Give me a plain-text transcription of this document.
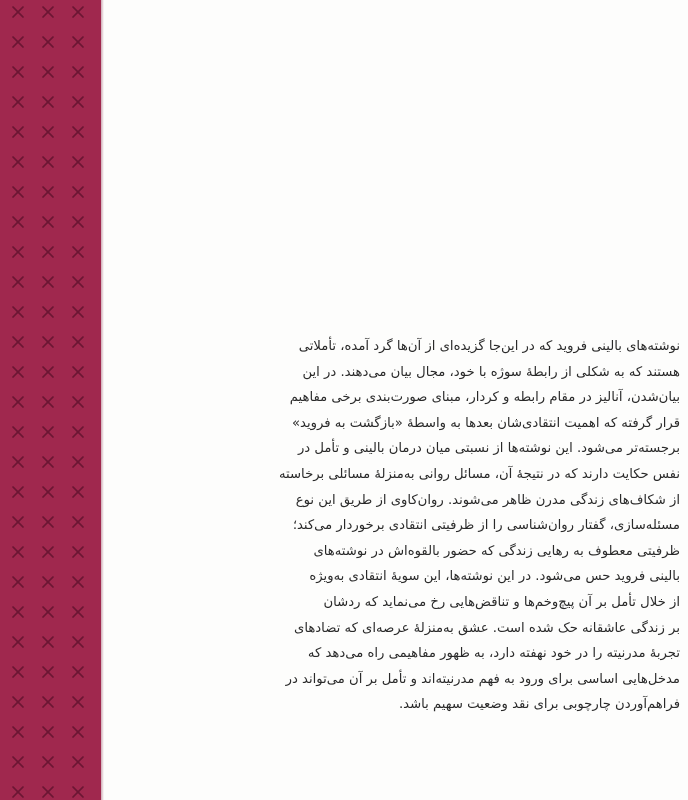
نوشته‌های بالینی فروید که در این‌جا گزیده‌ای از آن‌ها گرد آمده، تأملاتی
هستند که به شکلی از رابطهٔ سوژه با خود، مجال بیان می‌دهند. در این
بیان‌شدن، آنالیز در مقام رابطه و کردار، مبنای صورت‌بندی برخی مفاهیم
قرار گرفته که اهمیت انتقادی‌شان بعدها به واسطهٔ «بازگشت به فروید»
برجسته‌تر می‌شود. این نوشته‌ها از نسبتی میان درمان بالینی و تأمل در
نفس حکایت دارند که در نتیجهٔ آن، مسائل روانی به‌منزلهٔ مسائلی برخاسته
از شکاف‌های زندگی مدرن ظاهر می‌شوند. روان‌کاوی از طریق این نوع
مسئله‌سازی، گفتار روان‌شناسی را از ظرفیتی انتقادی برخوردار می‌کند؛
ظرفیتی معطوف به رهایی زندگی که حضور بالقوه‌اش در نوشته‌های
بالینی فروید حس می‌شود. در این نوشته‌ها، این سویهٔ انتقادی به‌ویژه
از خلال تأمل بر آن پیچ‌وخم‌ها و تناقض‌هایی رخ می‌نماید که ردشان
بر زندگی عاشقانه حک شده است. عشق به‌منزلهٔ عرصه‌ای که تضادهای
تجربهٔ مدرنیته را در خود نهفته دارد، به ظهور مفاهیمی راه می‌دهد که
مدخل‌هایی اساسی برای ورود به فهم مدرنیته‌اند و تأمل بر آن می‌تواند در
فراهم‌آوردن چارچوبی برای نقد وضعیت سهیم باشد.
